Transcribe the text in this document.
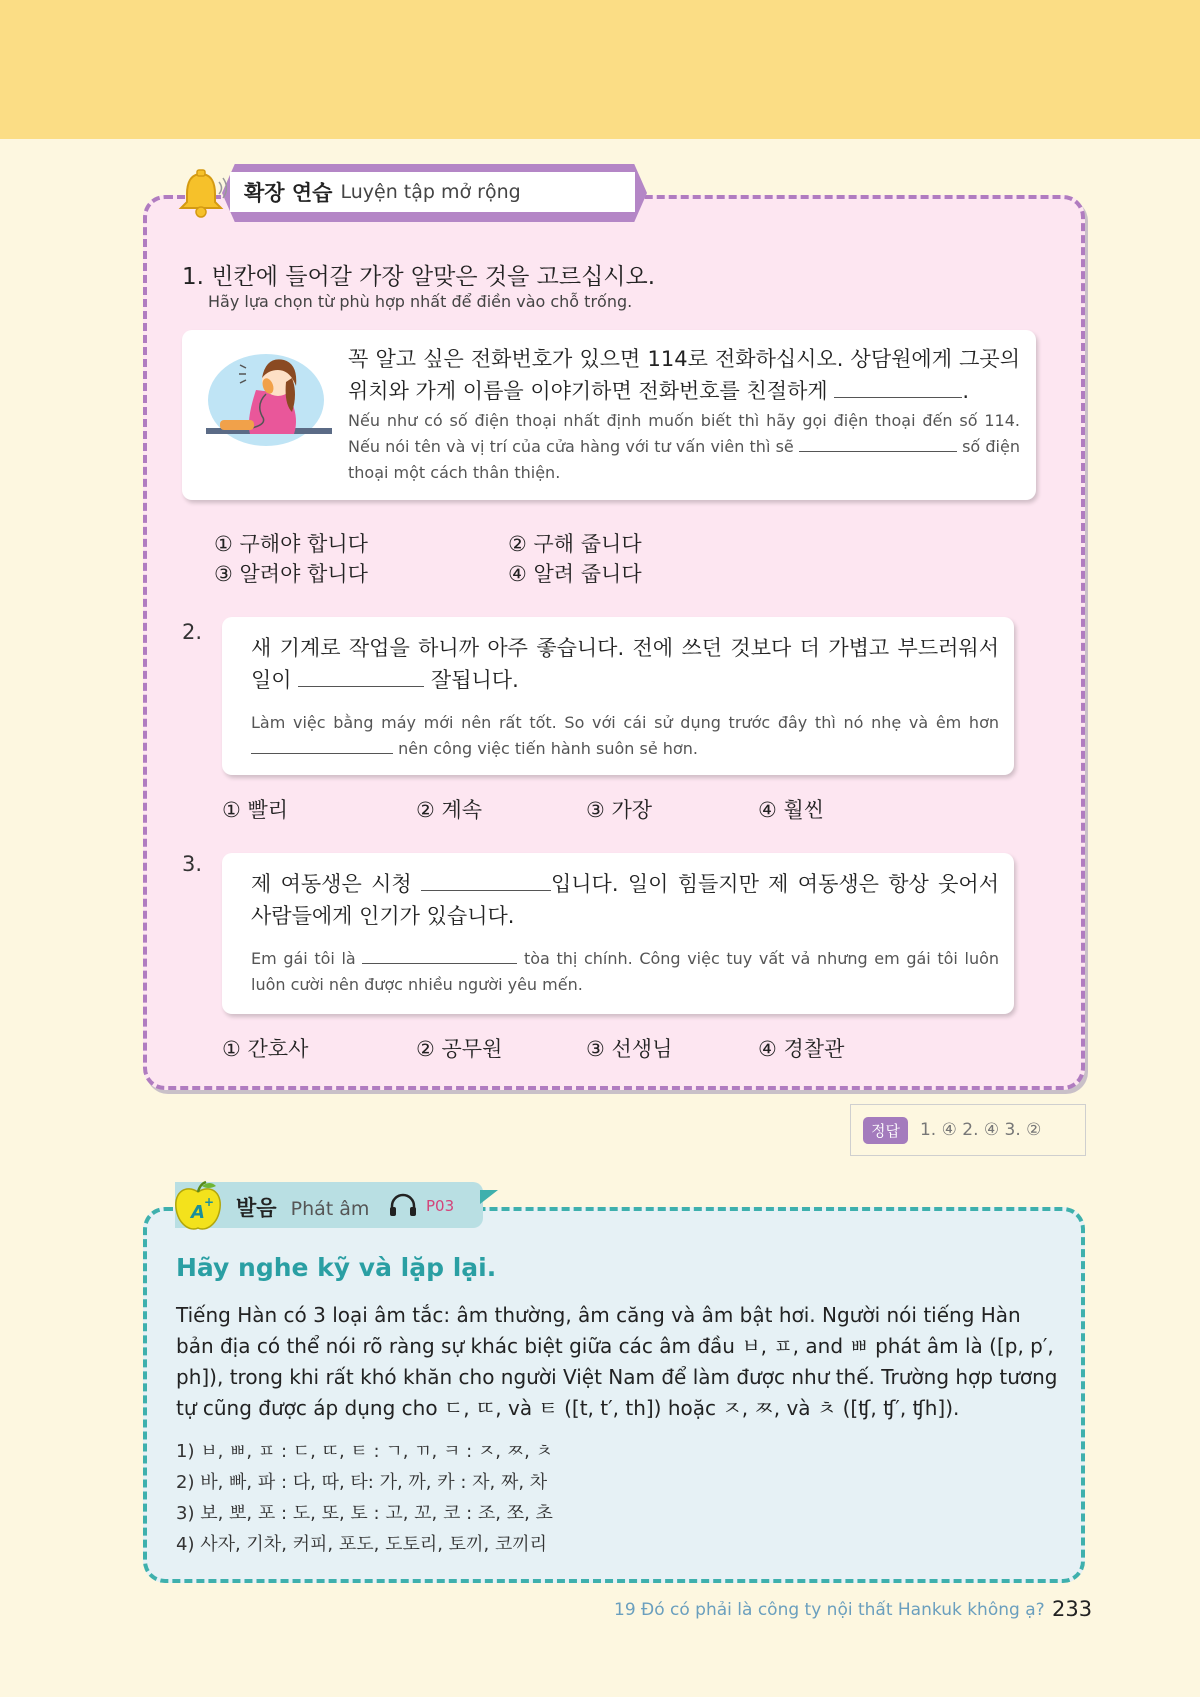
확장 연습 Luyện tập mở rộng
1. 빈칸에 들어갈 가장 알맞은 것을 고르십시오.
Hãy lựa chọn từ phù hợp nhất để điền vào chỗ trống.
꼭 알고 싶은 전화번호가 있으면 114로 전화하십시오. 상담원에게 그곳의 위치와 가게 이름을 이야기하면 전화번호를 친절하게	.
Nếu như có số điện thoại nhất định muốn biết thì hãy gọi điện thoại đến số 114. Nếu nói tên và vị trí của cửa hàng với tư vấn viên thì sẽ	số điện thoại một cách thân thiện.
① 구해야 합니다	② 구해 줍니다
③ 알려야 합니다	④ 알려 줍니다
2.
새 기계로 작업을 하니까 아주 좋습니다. 전에 쓰던 것보다 더 가볍고 부드러워서 일이	잘됩니다.
Làm việc bằng máy mới nên rất tốt. So với cái sử dụng trước đây thì nó nhẹ và êm hơn  nên công việc tiến hành suôn sẻ hơn.
① 빨리	② 계속	③ 가장	④ 훨씬
3.
제 여동생은 시청	입니다. 일이 힘들지만 제 여동생은 항상 웃어서 사람들에게 인기가 있습니다.
Em gái tôi là	tòa thị chính. Công việc tuy vất vả nhưng em gái tôi luôn luôn cười nên được nhiều người yêu mến.
① 간호사	② 공무원	③ 선생님	④ 경찰관
정답	1. ④ 2. ④ 3. ②
A + 발음 Phát âm	P03
Hãy nghe kỹ và lặp lại.
Tiếng Hàn có 3 loại âm tắc: âm thường, âm căng và âm bật hơi. Người nói tiếng Hàn bản địa có thể nói rõ ràng sự khác biệt giữa các âm đầu ㅂ, ㅍ, and ㅃ phát âm là ([p, p′, ph]), trong khi rất khó khăn cho người Việt Nam để làm được như thế. Trường hợp tương tự cũng được áp dụng cho ㄷ, ㄸ, và ㅌ ([t, t′, th]) hoặc ㅈ, ㅉ, và ㅊ ([ʧ, ʧ′, ʧh]).
1) ㅂ, ㅃ, ㅍ : ㄷ, ㄸ, ㅌ : ㄱ, ㄲ, ㅋ : ㅈ, ㅉ, ㅊ
2) 바, 빠, 파 : 다, 따, 타: 가, 까, 카 : 자, 짜, 차
3) 보, 뽀, 포 : 도, 또, 토 : 고, 꼬, 코 : 조, 쪼, 초
4) 사자, 기차, 커피, 포도, 도토리, 토끼, 코끼리
19 Đó có phải là công ty nội thất Hankuk không ạ? 233
